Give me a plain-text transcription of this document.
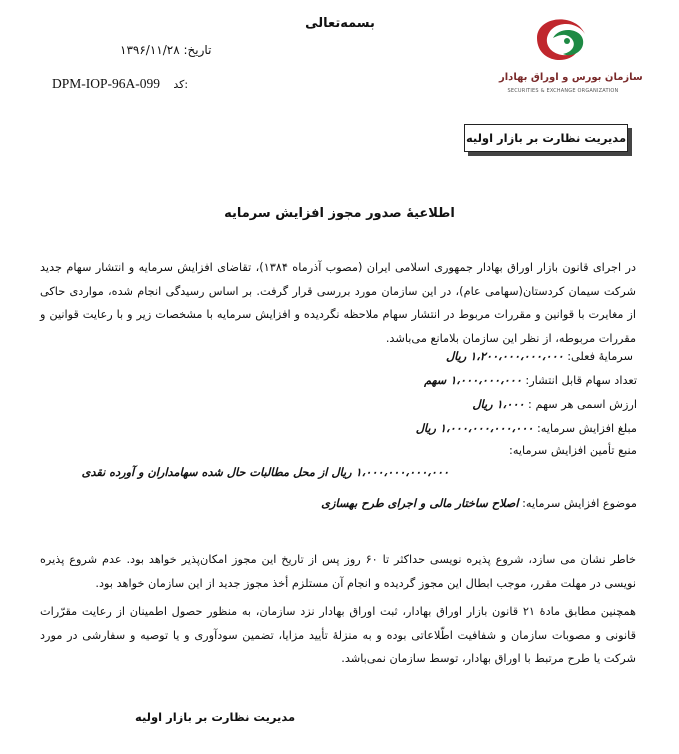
بسمه‌تعالی
سازمان بورس و اوراق بهادار
SECURITIES & EXCHANGE ORGANIZATION
تاریخ: ۱۳۹۶/۱۱/۲۸
DPM-IOP-96A-099 کد:
مدیریت نظارت بر بازار اولیه
اطلاعیهٔ صدور مجوز افزایش سرمایه
در اجرای قانون بازار اوراق بهادار جمهوری اسلامی ایران (مصوب آذرماه ۱۳۸۴)، تقاضای افزایش سرمایه و انتشار سهام جدید شرکت سیمان کردستان(سهامی عام)، در این سازمان مورد بررسی قرار گرفت. بر اساس رسیدگی انجام شده، مواردی حاکی از مغایرت با قوانین و مقررات مربوط در انتشار سهام ملاحظه نگردیده و افزایش سرمایه با مشخصات زیر و با رعایت قوانین و مقررات مربوطه، از نظر این سازمان بلامانع می‌باشد.
سرمایهٔ فعلی: ۱،۲۰۰،۰۰۰،۰۰۰،۰۰۰ ریال
تعداد سهام قابل انتشار: ۱،۰۰۰،۰۰۰،۰۰۰ سهم
ارزش اسمی هر سهم : ۱،۰۰۰ ریال
مبلغ افزایش سرمایه: ۱،۰۰۰،۰۰۰،۰۰۰،۰۰۰ ریال
منبع تأمین افزایش سرمایه:
۱،۰۰۰،۰۰۰،۰۰۰،۰۰۰ ریال از محل مطالبات حال شده سهامداران و آورده نقدی
موضوع افزایش سرمایه: اصلاح ساختار مالی و اجرای طرح بهسازی
خاطر نشان می سازد، شروع پذیره نویسی حداکثر تا ۶۰ روز پس از تاریخ این مجوز امکان‌پذیر خواهد بود. عدم شروع پذیره نویسی در مهلت مقرر، موجب ابطال این مجوز گردیده و انجام آن مستلزم أخذ مجوز جدید از این سازمان خواهد بود.
همچنین مطابق مادهٔ ۲۱ قانون بازار اوراق بهادار، ثبت اوراق بهادار نزد سازمان، به منظور حصول اطمینان از رعایت مقرّرات قانونی و مصوبات سازمان و شفافیت اطّلاعاتی بوده و به منزلهٔ تأیید مزایا، تضمین سودآوری و یا توصیه و سفارشی در مورد شرکت یا طرح مرتبط با اوراق بهادار، توسط سازمان نمی‌باشد.
مدیریت نظارت بر بازار اولیه
